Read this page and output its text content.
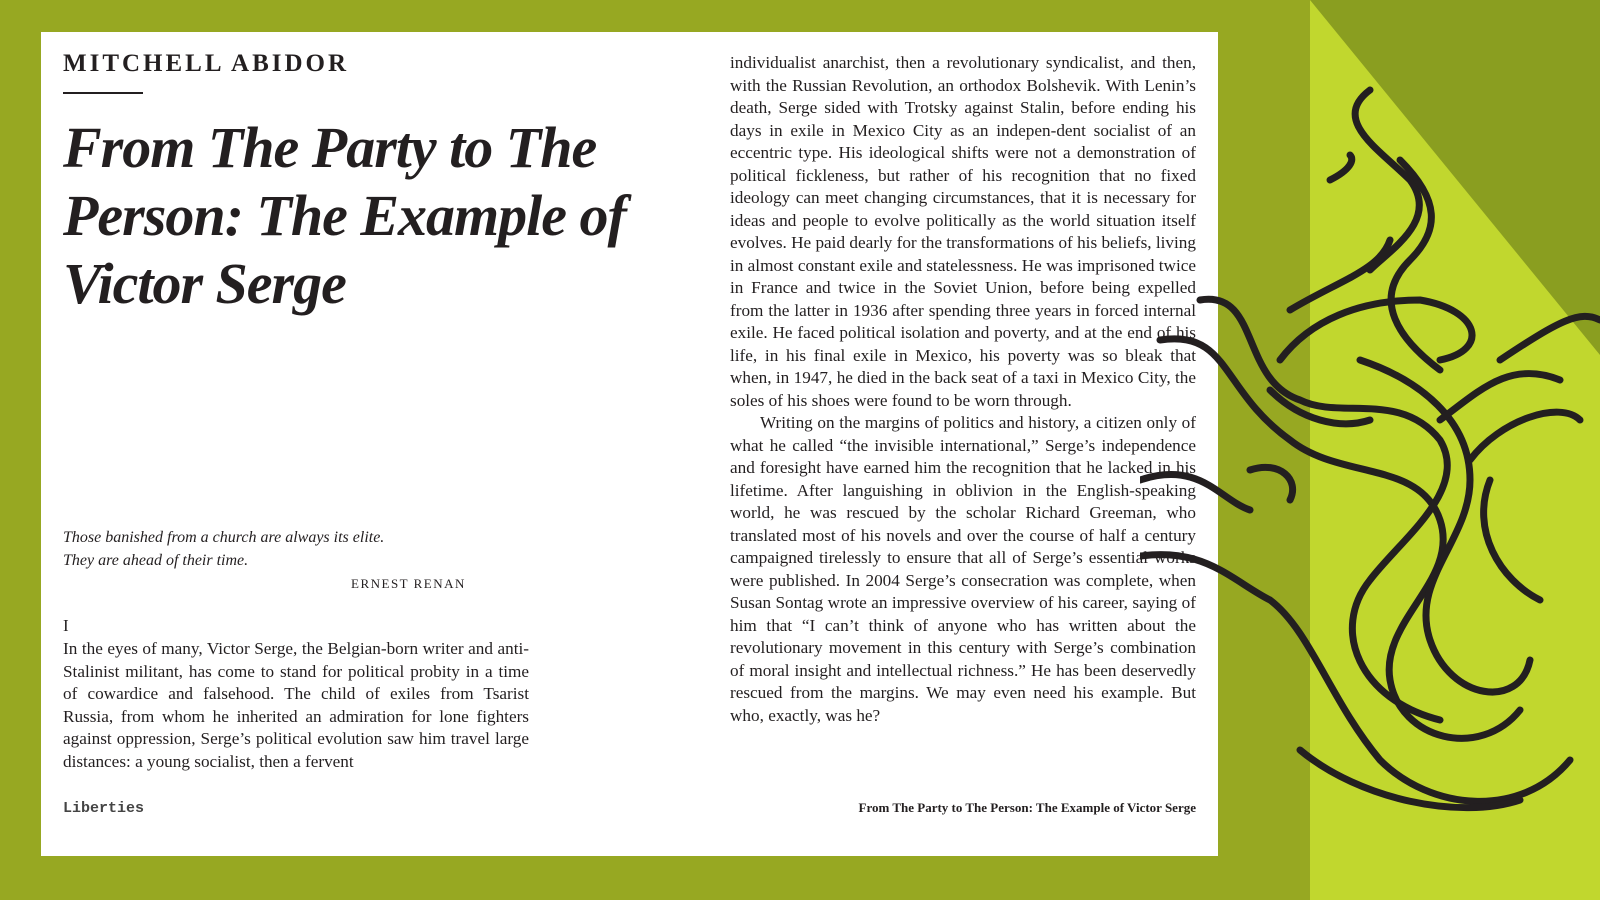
MITCHELL ABIDOR
From The Party to The Person: The Example of Victor Serge
Those banished from a church are always its elite.
They are ahead of their time.
ERNEST RENAN
I
In the eyes of many, Victor Serge, the Belgian-born writer and anti-Stalinist militant, has come to stand for political probity in a time of cowardice and falsehood. The child of exiles from Tsarist Russia, from whom he inherited an admiration for lone fighters against oppression, Serge’s political evolution saw him travel large distances: a young socialist, then a fervent

individualist anarchist, then a revolutionary syndicalist, and then, with the Russian Revolution, an orthodox Bolshevik. With Lenin’s death, Serge sided with Trotsky against Stalin, before ending his days in exile in Mexico City as an indepen-dent socialist of an eccentric type. His ideological shifts were not a demonstration of political fickleness, but rather of his recognition that no fixed ideology can meet changing circumstances, that it is necessary for ideas and people to evolve politically as the world situation itself evolves. He paid dearly for the transformations of his beliefs, living in almost constant exile and statelessness. He was imprisoned twice in France and twice in the Soviet Union, before being expelled from the latter in 1936 after spending three years in forced internal exile. He faced political isolation and poverty, and at the end of his life, in his final exile in Mexico, his poverty was so bleak that when, in 1947, he died in the back seat of a taxi in Mexico City, the soles of his shoes were found to be worn through.

Writing on the margins of politics and history, a citizen only of what he called “the invisible international,” Serge’s independence and foresight have earned him the recognition that he lacked in his lifetime. After languishing in oblivion in the English-speaking world, he was rescued by the scholar Richard Greeman, who translated most of his novels and over the course of half a century campaigned tirelessly to ensure that all of Serge’s essential works were published. In 2004 Serge’s consecration was complete, when Susan Sontag wrote an impressive overview of his career, saying of him that “I can’t think of anyone who has written about the revolutionary movement in this century with Serge’s combination of moral insight and intellectual richness.” He has been deservedly rescued from the margins. We may even need his example. But who, exactly, was he?

Liberties	From The Party to The Person: The Example of Victor Serge
